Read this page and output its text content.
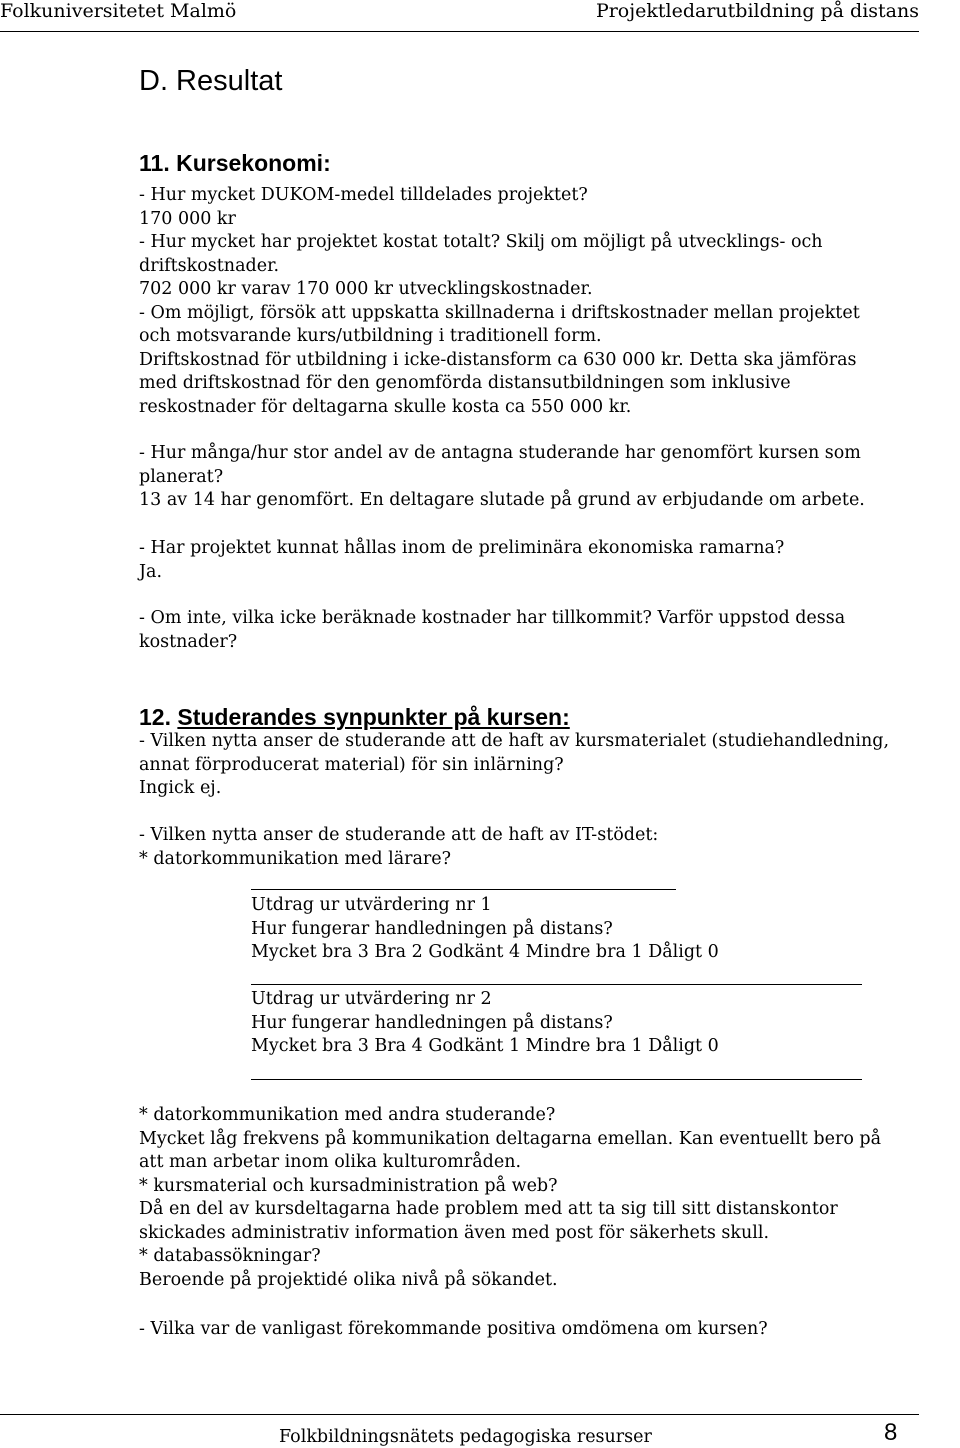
Folkuniversitetet Malmö	Projektledarutbildning på distans
D. Resultat
11. Kursekonomi:
- Hur mycket DUKOM-medel tilldelades projektet?
170 000 kr
- Hur mycket har projektet kostat totalt? Skilj om möjligt på utvecklings- och
driftskostnader.
702 000 kr varav 170 000 kr utvecklingskostnader.
- Om möjligt, försök att uppskatta skillnaderna i driftskostnader mellan projektet
och motsvarande kurs/utbildning i traditionell form.
Driftskostnad för utbildning i icke-distansform ca 630 000 kr. Detta ska jämföras
med driftskostnad för den genomförda distansutbildningen som inklusive
reskostnader för deltagarna skulle kosta ca 550 000 kr.
- Hur många/hur stor andel av de antagna studerande har genomfört kursen som
planerat?
13 av 14 har genomfört. En deltagare slutade på grund av erbjudande om arbete.
- Har projektet kunnat hållas inom de preliminära ekonomiska ramarna?
Ja.
- Om inte, vilka icke beräknade kostnader har tillkommit? Varför uppstod dessa
kostnader?
12. Studerandes synpunkter på kursen:
- Vilken nytta anser de studerande att de haft av kursmaterialet (studiehandledning,
annat förproducerat material) för sin inlärning?
Ingick ej.
- Vilken nytta anser de studerande att de haft av IT-stödet:
* datorkommunikation med lärare?
Utdrag ur utvärdering nr 1
Hur fungerar handledningen på distans?
Mycket bra 3 Bra 2 Godkänt 4 Mindre bra 1 Dåligt 0
Utdrag ur utvärdering nr 2
Hur fungerar handledningen på distans?
Mycket bra 3 Bra 4 Godkänt 1 Mindre bra 1 Dåligt 0
* datorkommunikation med andra studerande?
Mycket låg frekvens på kommunikation deltagarna emellan. Kan eventuellt bero på
att man arbetar inom olika kulturområden.
* kursmaterial och kursadministration på web?
Då en del av kursdeltagarna hade problem med att ta sig till sitt distanskontor
skickades administrativ information även med post för säkerhets skull.
* databassökningar?
Beroende på projektidé olika nivå på sökandet.
- Vilka var de vanligast förekommande positiva omdömena om kursen?
Folkbildningsnätets pedagogiska resurser	8
